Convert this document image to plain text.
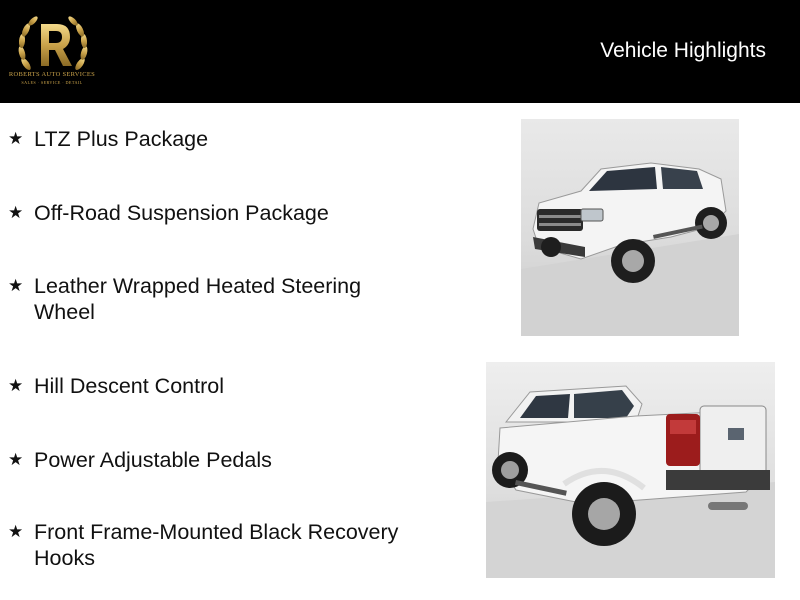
ROBERTS AUTO SERVICES
SALES · SERVICE · DETAIL
Vehicle Highlights
★ LTZ Plus Package
★ Off-Road Suspension Package
★ Leather Wrapped Heated Steering Wheel
★ Hill Descent Control
★ Power Adjustable Pedals
★ Front Frame-Mounted Black Recovery Hooks
